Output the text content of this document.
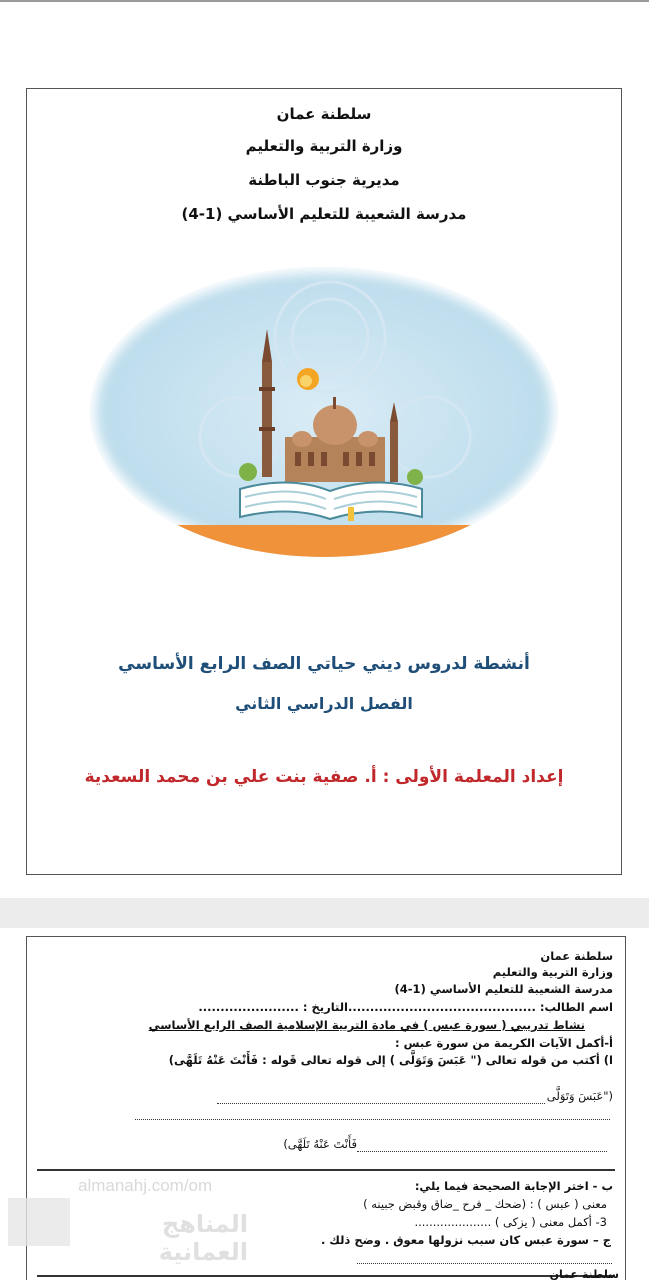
سلطنة عمان
وزارة التربية والتعليم
مديرية جنوب الباطنة
مدرسة الشعيبة للتعليم الأساسي (1-4)
أنشطة لدروس ديني حياتي الصف الرابع الأساسي
الفصل الدراسي الثاني
إعداد المعلمة الأولى : أ. صفية بنت علي بن محمد السعدية
سلطنة عمان
وزارة التربية والتعليم
مدرسة الشعيبة للتعليم الأساسي (1-4)
اسم الطالب: ...........................................التاريخ : .......................
نشاط تدريبي ( سورة عبس ) في مادة التربية الإسلامية الصف الرابع الأساسي
أ-أكمل الآيات الكريمة من سورة عبس :
ا) أكتب من قوله تعالى (" عَبَسَ وَتَوَلَّى ) إلى قوله تعالى قَوله : فَأَنْتَ عَنْهُ تَلَهَّى)
("عَبَسَ وَتَوَلَّى
فَأَنْتَ عَنْهُ تَلَهَّى)
ب - اختر الإجابة الصحيحة فيما يلي:
معنى ( عبس ) : (ضحك _ فرح _ضاق وقبض جبينه )
3- أكمل معنى ( يزكى ) .....................
ج – سورة عبس كان سبب نزولها معوق . وضح ذلك .
سلطنة عمان
almanahj.com/om
المناهج العمانية
